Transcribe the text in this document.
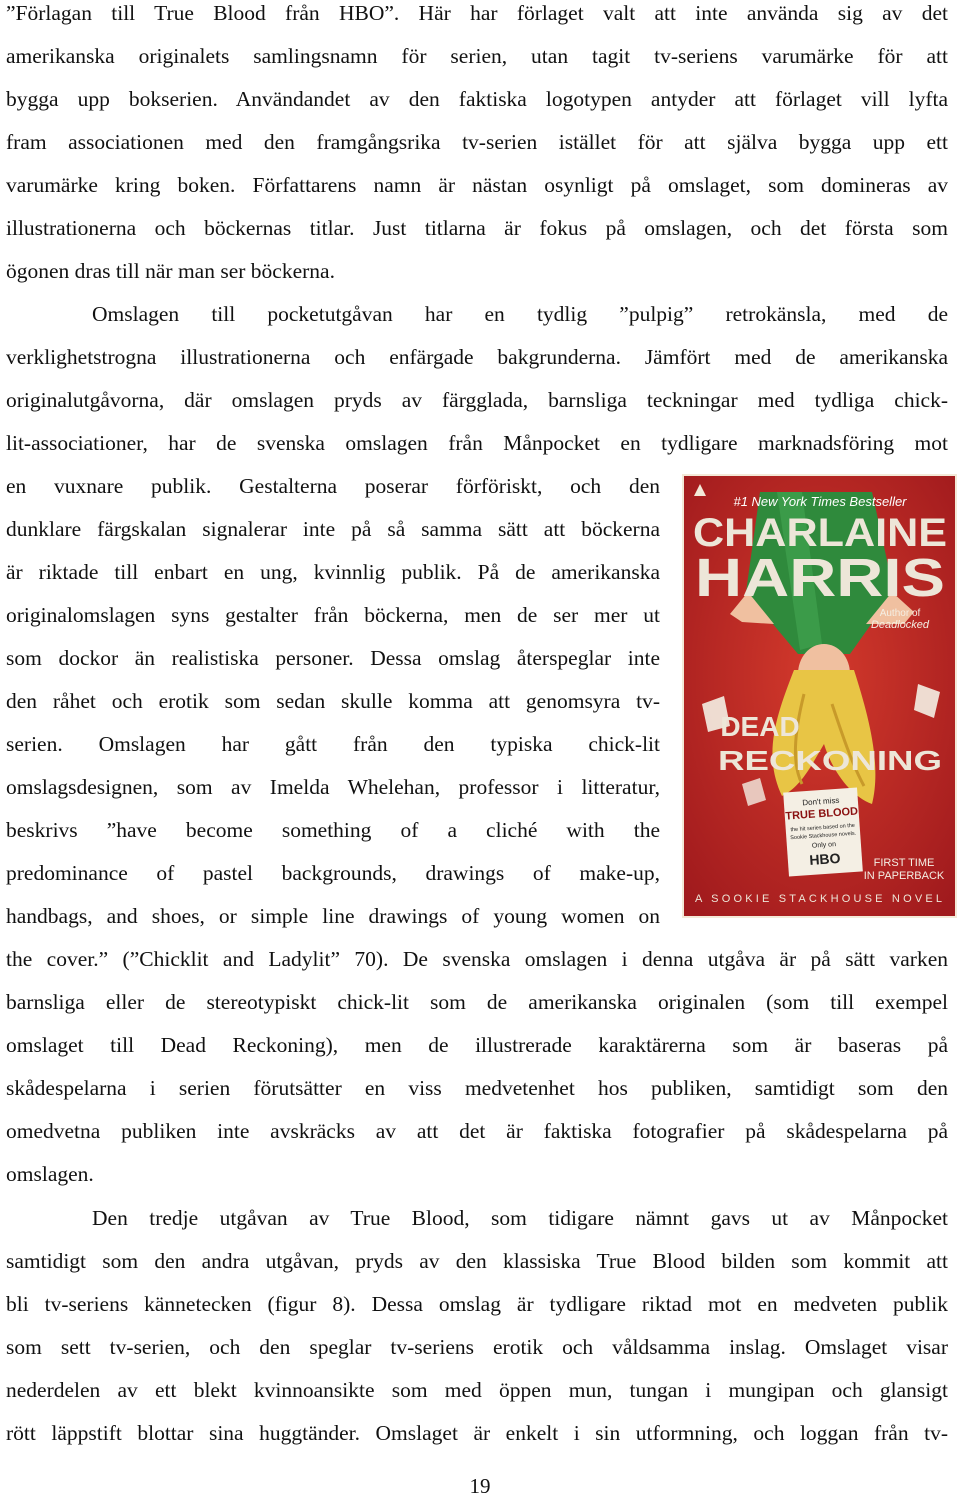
”Förlagan till True Blood från HBO”. Här har förlaget valt att inte använda sig av det
amerikanska originalets samlingsnamn för serien, utan tagit tv-seriens varumärke för att
bygga upp bokserien. Användandet av den faktiska logotypen antyder att förlaget vill lyfta
fram associationen med den framgångsrika tv-serien istället för att själva bygga upp ett
varumärke kring boken. Författarens namn är nästan osynligt på omslaget, som domineras av
illustrationerna och böckernas titlar. Just titlarna är fokus på omslagen, och det första som
ögonen dras till när man ser böckerna.
Omslagen till pocketutgåvan har en tydlig ”pulpig” retrokänsla, med de
verklighetstrogna illustrationerna och enfärgade bakgrunderna. Jämfört med de amerikanska
originalutgåvorna, där omslagen pryds av färgglada, barnsliga teckningar med tydliga chick-
lit-associationer, har de svenska omslagen från Månpocket en tydligare marknadsföring mot
en vuxnare publik. Gestalterna poserar förföriskt, och den
dunklare färgskalan signalerar inte på så samma sätt att böckerna
är riktade till enbart en ung, kvinnlig publik. På de amerikanska
originalomslagen syns gestalter från böckerna, men de ser mer ut
som dockor än realistiska personer. Dessa omslag återspeglar inte
den råhet och erotik som sedan skulle komma att genomsyra tv-
serien. Omslagen har gått från den typiska chick-lit
omslagsdesignen, som av Imelda Whelehan, professor i litteratur,
beskrivs ”have become something of a cliché with the
predominance of pastel backgrounds, drawings of make-up,
handbags, and shoes, or simple line drawings of young women on
the cover.” (”Chicklit and Ladylit” 70). De svenska omslagen i denna utgåva är på sätt varken
barnsliga eller de stereotypiskt chick-lit som de amerikanska originalen (som till exempel
omslaget till Dead Reckoning), men de illustrerade karaktärerna som är baseras på
skådespelarna i serien förutsätter en viss medvetenhet hos publiken, samtidigt som den
omedvetna publiken inte avskräcks av att det är faktiska fotografier på skådespelarna på
omslagen.
Den tredje utgåvan av True Blood, som tidigare nämnt gavs ut av Månpocket
samtidigt som den andra utgåvan, pryds av den klassiska True Blood bilden som kommit att
bli tv-seriens kännetecken (figur 8). Dessa omslag är tydligare riktad mot en medveten publik
som sett tv-serien, och den speglar tv-seriens erotik och våldsamma inslag. Omslaget visar
nederdelen av ett blekt kvinnoansikte som med öppen mun, tungan i mungipan och glansigt
rött läppstift blottar sina huggtänder. Omslaget är enkelt i sin utformning, och loggan från tv-
#1 New York Times Bestseller
CHARLAINE
HARRIS
Author of
Deadlocked
DEAD
RECKONING
Don't miss
TRUE BLOOD
the hit series based on the
Sookie Stackhouse novels.
Only on
HBO	FIRST TIME
IN PAPERBACK
A SOOKIE STACKHOUSE NOVEL
19
